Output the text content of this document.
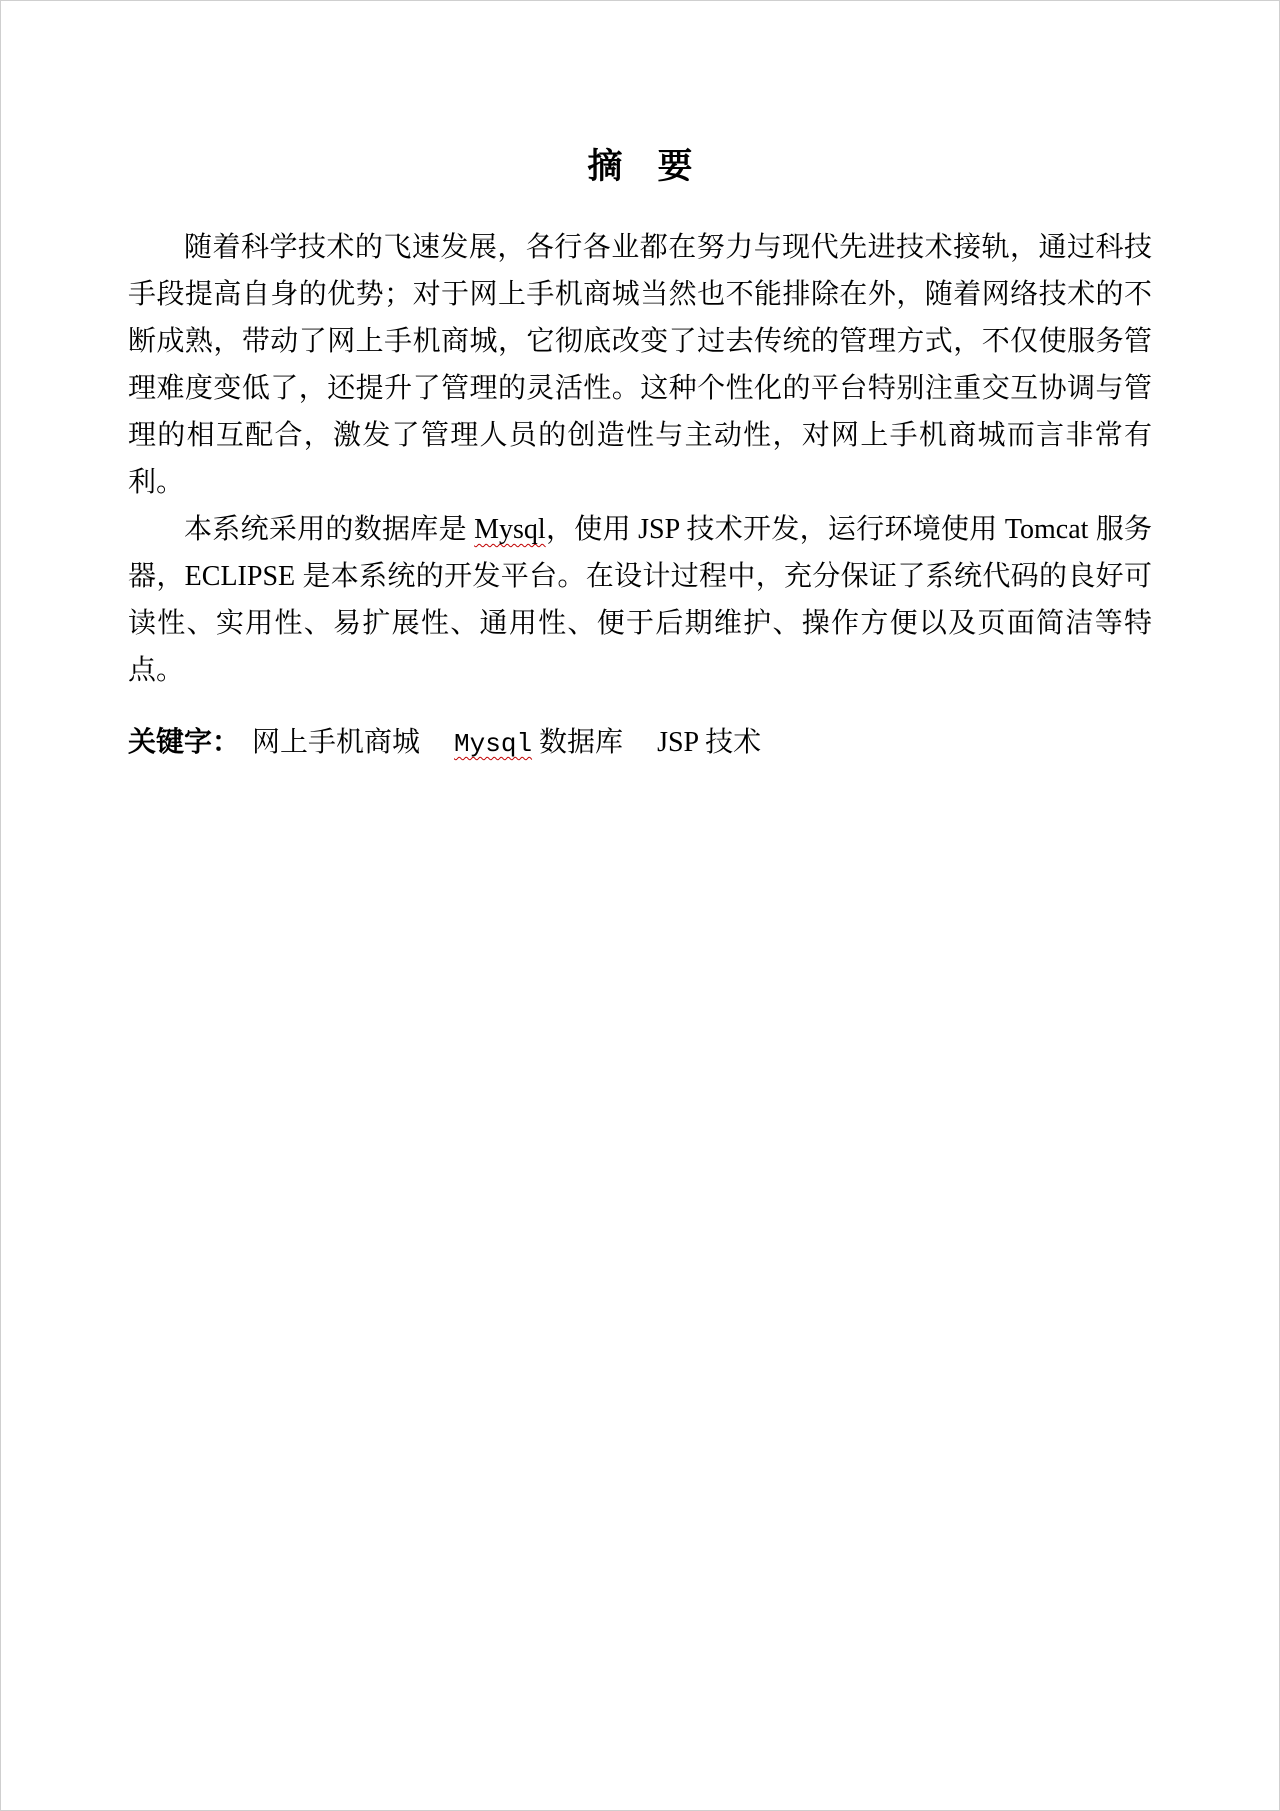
摘　要

随着科学技术的飞速发展，各行各业都在努力与现代先进技术接轨，通过科技手段提高自身的优势；对于网上手机商城当然也不能排除在外，随着网络技术的不断成熟，带动了网上手机商城，它彻底改变了过去传统的管理方式，不仅使服务管理难度变低了，还提升了管理的灵活性。这种个性化的平台特别注重交互协调与管理的相互配合，激发了管理人员的创造性与主动性，对网上手机商城而言非常有利。

本系统采用的数据库是 Mysql，使用 JSP 技术开发，运行环境使用 Tomcat 服务器，ECLIPSE 是本系统的开发平台。在设计过程中，充分保证了系统代码的良好可读性、实用性、易扩展性、通用性、便于后期维护、操作方便以及页面简洁等特点。

关键字： 网上手机商城 Mysql 数据库 JSP 技术
